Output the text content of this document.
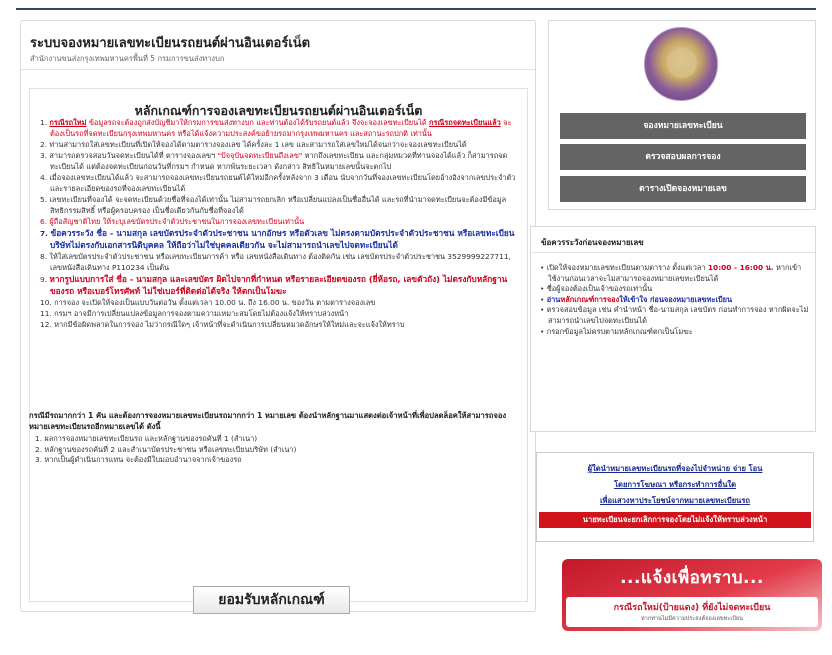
ระบบจองหมายเลขทะเบียนรถยนต์ผ่านอินเตอร์เน็ต
สำนักงานขนส่งกรุงเทพมหานครพื้นที่ 5 กรมการขนส่งทางบก
หลักเกณฑ์การจองเลขทะเบียนรถยนต์ผ่านอินเตอร์เน็ต
1. กรณีรถใหม่ ข้อมูลรถจะต้องถูกส่งบัญชีมาให้กรมการขนส่งทางบก และท่านต้องได้รับรถยนต์แล้ว จึงจะจองเลขทะเบียนได้ กรณีรถจดทะเบียนแล้ว จะต้องเป็นรถที่จดทะเบียนกรุงเทพมหานคร หรือได้แจ้งความประสงค์ขอย้ายรถมากรุงเทพมหานคร และสถานะรถปกติ เท่านั้น
2. ท่านสามารถใส่เลขทะเบียนที่เปิดให้จองได้ตามตารางจองเลข ได้ครั้งละ 1 เลข และสามารถใส่เลขใหม่ได้จนกว่าจะจองเลขทะเบียนได้
3. สามารถตรวจสอบวันจดทะเบียนได้ที่ ตารางจองเลขฯ "ปัจจุบันจดทะเบียนถึงเลข" หากถึงเลขทะเบียน และกลุ่มหมวดที่ท่านจองได้แล้ว ก็สามารถจดทะเบียนได้ แต่ต้องจดทะเบียนก่อนวันที่กรมฯ กำหนด หากพ้นระยะเวลา ดังกล่าว สิทธิในหมายเลขนั้นจะตกไป
4. เมื่อจองเลขทะเบียนได้แล้ว จะสามารถจองเลขทะเบียนรถยนต์ได้ใหม่อีกครั้งหลังจาก 3 เดือน นับจากวันที่จองเลขทะเบียนโดยอ้างอิงจากเลขประจำตัว และรายละเอียดของรถที่จองเลขทะเบียนได้
5. เลขทะเบียนที่จองได้ จะจดทะเบียนด้วยชื่อที่จองได้เท่านั้น ไม่สามารถยกเลิก หรือเปลี่ยนแปลงเป็นชื่ออื่นได้ และรถที่นำมาจดทะเบียนจะต้องมีข้อมูลสิทธิกรรมสิทธิ์ หรือผู้ครอบครอง เป็นชื่อเดียวกันกับชื่อที่จองได้
6. ผู้ถือสัญชาติไทย ให้ระบุเลขบัตรประจำตัวประชาชนในการจองเลขทะเบียนเท่านั้น
7. ข้อควรระวัง ชื่อ - นามสกุล เลขบัตรประจำตัวประชาชน นากอักษร หรือตัวเลข ไม่ตรงตามบัตรประจำตัวประชาชน หรือเลขทะเบียนบริษัทไม่ตรงกับเอกสารนิติบุคคล ให้ถือว่าไม่ใช่บุคคลเดียวกัน จะไม่สามารถนำเลขไปจดทะเบียนได้
8. ให้ใส่เลขบัตรประจำตัวประชาชน หรือเลขทะเบียนการค้า หรือ เลขหนังสือเดินทาง ต้องติดกัน เช่น เลขบัตรประจำตัวประชาชน 3529999227711, เลขหนังสือเดินทาง P110234 เป็นต้น
9. หากรูปแบบการใส่ ชื่อ - นามสกุล และเลขบัตร ผิดไปจากที่กำหนด หรือรายละเอียดของรถ (ยี่ห้อรถ, เลขตัวถัง) ไม่ตรงกับหลักฐานของรถ หรือเบอร์โทรศัพท์ ไม่ใช่เบอร์ที่ติดต่อได้จริง ให้ตกเป็นโมฆะ
10. การจอง จะเปิดให้จองเป็นแบบวันต่อวัน ตั้งแต่เวลา 10.00 น. ถึง 16.00 น. ของวัน ตามตารางจองเลข
11. กรมฯ อาจมีการเปลี่ยนแปลงข้อมูลการจองตามความเหมาะสมโดยไม่ต้องแจ้งให้ทราบล่วงหน้า
12. หากมีข้อผิดพลาดในการจอง ไม่ว่ากรณีใดๆ เจ้าหน้าที่จะดำเนินการเปลี่ยนหมวดอักษรให้ใหม่และจะแจ้งให้ทราบ
กรณีมีรถมากกว่า 1 คัน และต้องการจองหมายเลขทะเบียนรถมากกว่า 1 หมายเลข ต้องนำหลักฐานมาแสดงต่อเจ้าหน้าที่เพื่อปลดล็อคให้สามารถจองหมายเลขทะเบียนรถอีกหมายเลขได้ ดังนี้
1. ผลการจองหมายเลขทะเบียนรถ และหลักฐานของรถคันที่ 1 (สำเนา)
2. หลักฐานของรถคันที่ 2 และสำเนาบัตรประชาชน หรือเลขทะเบียนบริษัท (สำเนา)
3. หากเป็นผู้ดำเนินการแทน จะต้องมีใบมอบอำนาจจากเจ้าของรถ
ยอมรับหลักเกณฑ์
จองหมายเลขทะเบียน
ตรวจสอบผลการจอง
ตารางเปิดจองหมายเลข
ข้อควรระวังก่อนจองหมายเลข
• เปิดให้จองหมายเลขทะเบียนตามตาราง ตั้งแต่เวลา 10:00 - 16:00 น. หากเข้าใช้งานก่อนเวลาจะไม่สามารถจองหมายเลขทะเบียนได้
• ชื่อผู้จองต้องเป็นเจ้าของรถเท่านั้น
• อ่านหลักเกณฑ์การจองให้เข้าใจ ก่อนจองหมายเลขทะเบียน
• ตรวจสอบข้อมูล เช่น คำนำหน้า ชื่อ-นามสกุล เลขบัตร ก่อนทำการจอง หากผิดจะไม่สามารถนำเลขไปจดทะเบียนได้
• กรอกข้อมูลไม่ครบตามหลักเกณฑ์ตกเป็นโมฆะ
ผู้ใดนำหมายเลขทะเบียนรถที่จองไปจำหน่าย จ่าย โอน
โดยการโฆษณา หรือกระทำการอื่นใด
เพื่อแสวงหาประโยชน์จากหมายเลขทะเบียนรถ
นายทะเบียนจะยกเลิกการจองโดยไม่แจ้งให้ทราบล่วงหน้า
...แจ้งเพื่อทราบ...
กรณีรถใหม่(ป้ายแดง) ที่ยังไม่จดทะเบียน
หากท่านไม่มีความประสงค์จองเลขทะเบียน
